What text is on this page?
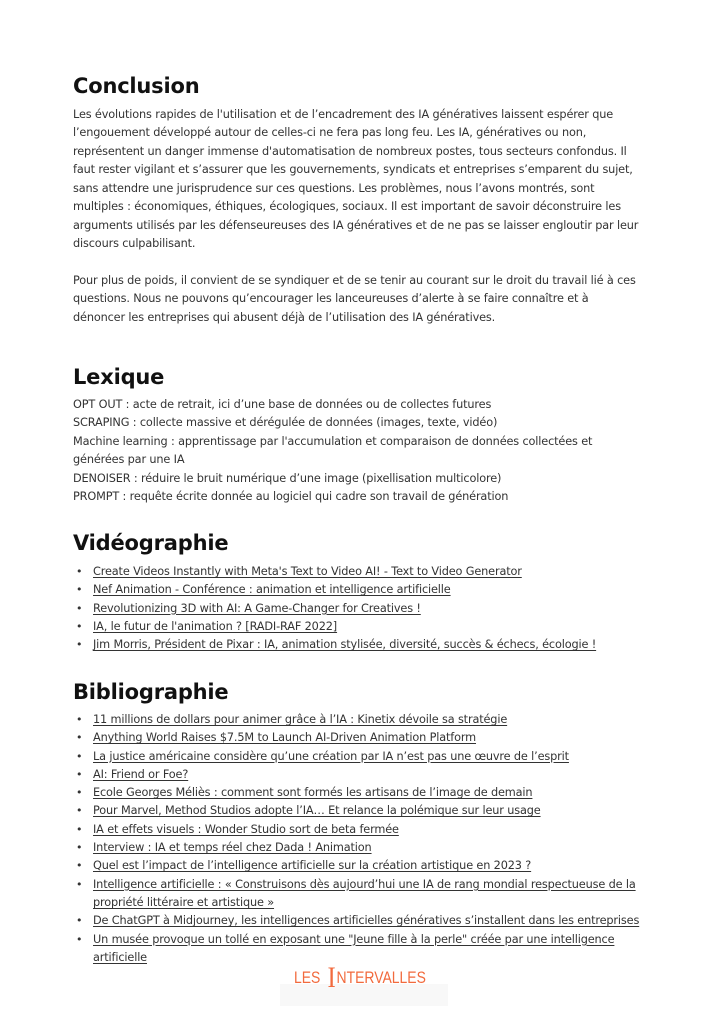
Conclusion

Les évolutions rapides de l'utilisation et de l’encadrement des IA génératives laissent espérer que
l’engouement développé autour de celles-ci ne fera pas long feu. Les IA, génératives ou non,
représentent un danger immense d'automatisation de nombreux postes, tous secteurs confondus. Il
faut rester vigilant et s’assurer que les gouvernements, syndicats et entreprises s’emparent du sujet,
sans attendre une jurisprudence sur ces questions. Les problèmes, nous l’avons montrés, sont
multiples : économiques, éthiques, écologiques, sociaux. Il est important de savoir déconstruire les
arguments utilisés par les défenseureuses des IA génératives et de ne pas se laisser engloutir par leur
discours culpabilisant.

Pour plus de poids, il convient de se syndiquer et de se tenir au courant sur le droit du travail lié à ces
questions. Nous ne pouvons qu’encourager les lanceureuses d’alerte à se faire connaître et à
dénoncer les entreprises qui abusent déjà de l’utilisation des IA génératives.

Lexique

OPT OUT : acte de retrait, ici d’une base de données ou de collectes futures
SCRAPING : collecte massive et dérégulée de données (images, texte, vidéo)
Machine learning : apprentissage par l'accumulation et comparaison de données collectées et
générées par une IA
DENOISER : réduire le bruit numérique d’une image (pixellisation multicolore)
PROMPT : requête écrite donnée au logiciel qui cadre son travail de génération

Vidéographie
• Create Videos Instantly with Meta's Text to Video AI! - Text to Video Generator
• Nef Animation - Conférence : animation et intelligence artificielle
• Revolutionizing 3D with AI: A Game-Changer for Creatives !
• IA, le futur de l'animation ? [RADI-RAF 2022]
• Jim Morris, Président de Pixar : IA, animation stylisée, diversité, succès & échecs, écologie !
Bibliographie
• 11 millions de dollars pour animer grâce à l’IA : Kinetix dévoile sa stratégie
• Anything World Raises $7.5M to Launch AI-Driven Animation Platform
• La justice américaine considère qu’une création par IA n’est pas une œuvre de l’esprit
• AI: Friend or Foe?
• Ecole Georges Méliès : comment sont formés les artisans de l’image de demain
• Pour Marvel, Method Studios adopte l’IA… Et relance la polémique sur leur usage
• IA et effets visuels : Wonder Studio sort de beta fermée
• Interview : IA et temps réel chez Dada ! Animation
• Quel est l’impact de l’intelligence artificielle sur la création artistique en 2023 ?
• Intelligence artificielle : « Construisons dès aujourd’hui une IA de rang mondial respectueuse de la
propriété littéraire et artistique »
• De ChatGPT à Midjourney, les intelligences artificielles génératives s’installent dans les entreprises
• Un musée provoque un tollé en exposant une "Jeune fille à la perle" créée par une intelligence
artificielle
LES INTERVALLES
